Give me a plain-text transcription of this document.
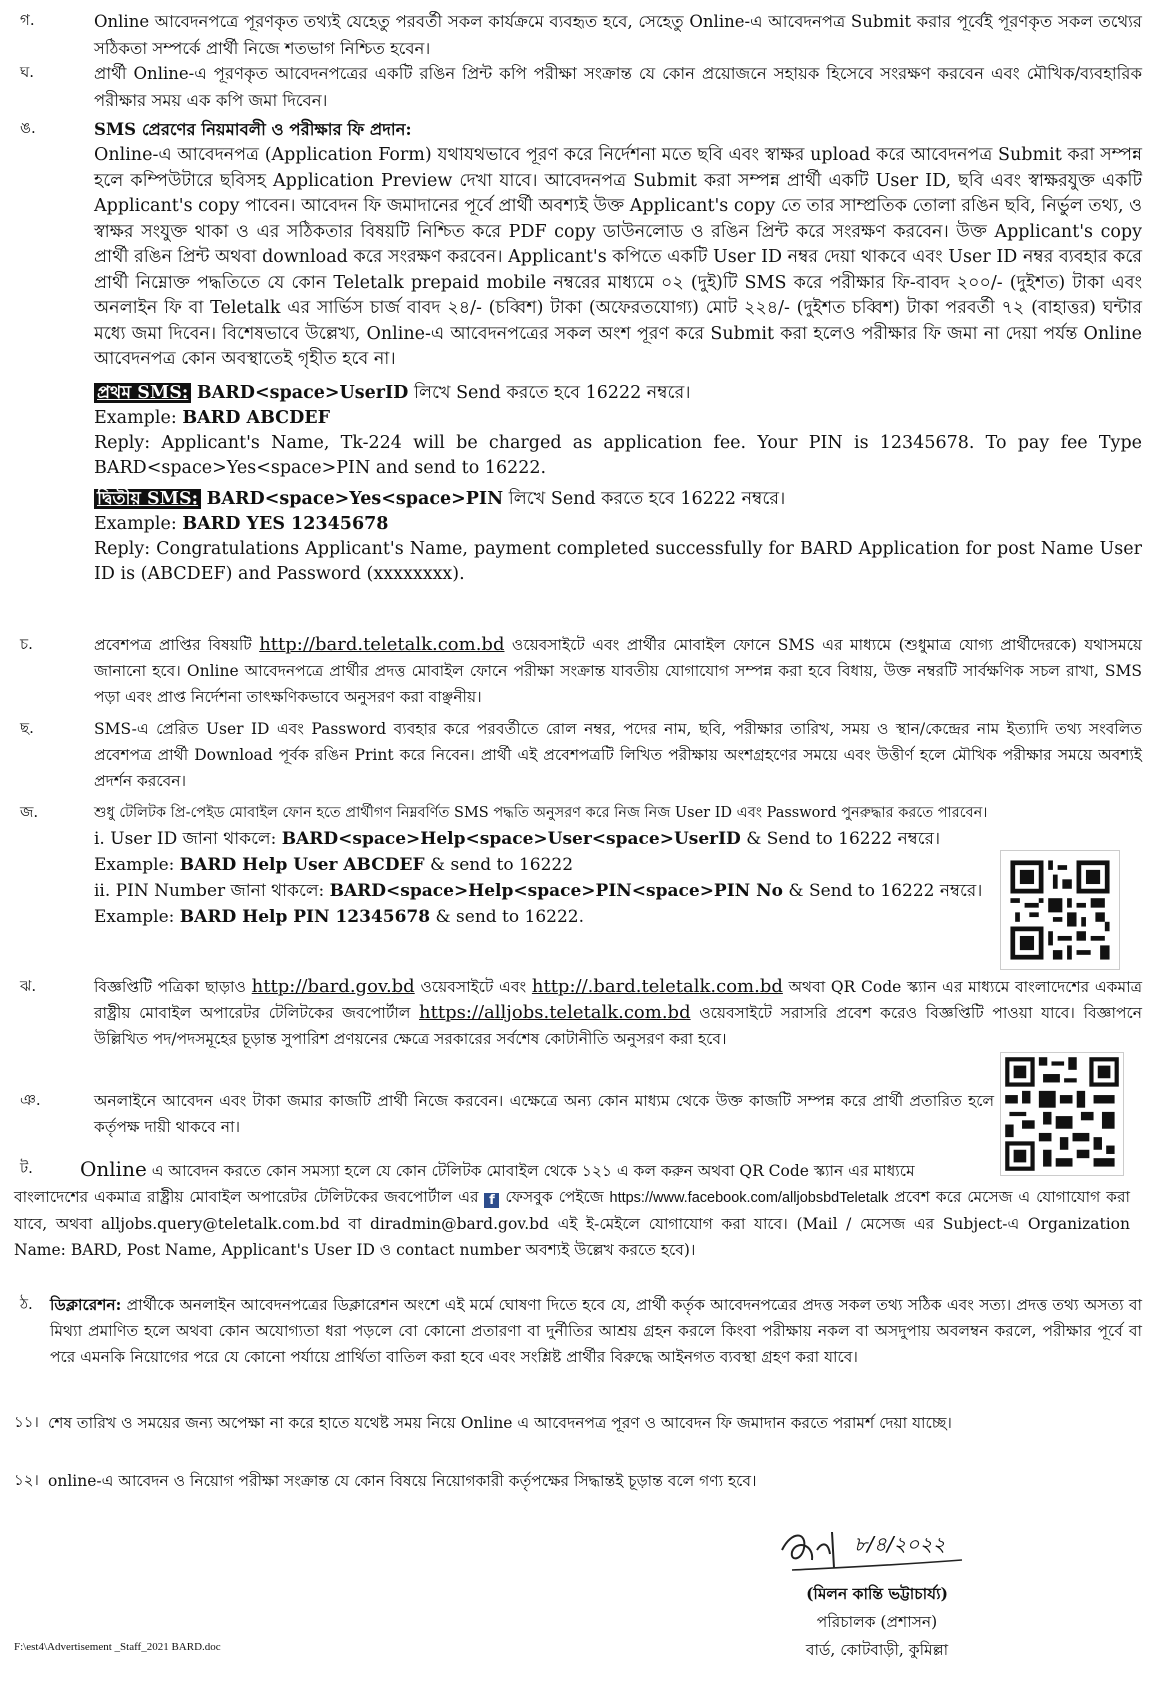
গ.	Online আবেদনপত্রে পূরণকৃত তথ্যই যেহেতু পরবর্তী সকল কার্যক্রমে ব্যবহৃত হবে, সেহেতু Online-এ আবেদনপত্র Submit করার পূর্বেই পূরণকৃত সকল তথ্যের সঠিকতা সম্পর্কে প্রার্থী নিজে শতভাগ নিশ্চিত হবেন।
ঘ.	প্রার্থী Online-এ পূরণকৃত আবেদনপত্রের একটি রঙিন প্রিন্ট কপি পরীক্ষা সংক্রান্ত যে কোন প্রয়োজনে সহায়ক হিসেবে সংরক্ষণ করবেন এবং মৌখিক/ব্যবহারিক পরীক্ষার সময় এক কপি জমা দিবেন।
ঙ.	SMS প্রেরণের নিয়মাবলী ও পরীক্ষার ফি প্রদান:
Online-এ আবেদনপত্র (Application Form) যথাযথভাবে পূরণ করে নির্দেশনা মতে ছবি এবং স্বাক্ষর upload করে আবেদনপত্র Submit করা সম্পন্ন হলে কম্পিউটারে ছবিসহ Application Preview দেখা যাবে। আবেদনপত্র Submit করা সম্পন্ন প্রার্থী একটি User ID, ছবি এবং স্বাক্ষরযুক্ত একটি Applicant's copy পাবেন। আবেদন ফি জমাদানের পূর্বে প্রার্থী অবশ্যই উক্ত Applicant's copy তে তার সাম্প্রতিক তোলা রঙিন ছবি, নির্ভুল তথ্য, ও স্বাক্ষর সংযুক্ত থাকা ও এর সঠিকতার বিষয়টি নিশ্চিত করে PDF copy ডাউনলোড ও রঙিন প্রিন্ট করে সংরক্ষণ করবেন। উক্ত Applicant's copy প্রার্থী রঙিন প্রিন্ট অথবা download করে সংরক্ষণ করবেন। Applicant's কপিতে একটি User ID নম্বর দেয়া থাকবে এবং User ID নম্বর ব্যবহার করে প্রার্থী নিম্নোক্ত পদ্ধতিতে যে কোন Teletalk prepaid mobile নম্বরের মাধ্যমে ০২ (দুই)টি SMS করে পরীক্ষার ফি-বাবদ ২০০/- (দুইশত) টাকা এবং অনলাইন ফি বা Teletalk এর সার্ভিস চার্জ বাবদ ২৪/- (চব্বিশ) টাকা (অফেরতযোগ্য) মোট ২২৪/- (দুইশত চব্বিশ) টাকা পরবর্তী ৭২ (বাহাত্তর) ঘন্টার মধ্যে জমা দিবেন। বিশেষভাবে উল্লেখ্য, Online-এ আবেদনপত্রের সকল অংশ পূরণ করে Submit করা হলেও পরীক্ষার ফি জমা না দেয়া পর্যন্ত Online আবেদনপত্র কোন অবস্থাতেই গৃহীত হবে না।
প্রথম SMS: BARD<space>UserID লিখে Send করতে হবে 16222 নম্বরে।
Example: BARD ABCDEF
Reply: Applicant's Name, Tk-224 will be charged as application fee. Your PIN is 12345678. To pay fee Type BARD<space>Yes<space>PIN and send to 16222.
দ্বিতীয় SMS: BARD<space>Yes<space>PIN লিখে Send করতে হবে 16222 নম্বরে।
Example: BARD YES 12345678
Reply: Congratulations Applicant's Name, payment completed successfully for BARD Application for post Name User ID is (ABCDEF) and Password (xxxxxxxx).
চ.	প্রবেশপত্র প্রাপ্তির বিষয়টি http://bard.teletalk.com.bd ওয়েবসাইটে এবং প্রার্থীর মোবাইল ফোনে SMS এর মাধ্যমে (শুধুমাত্র যোগ্য প্রার্থীদেরকে) যথাসময়ে জানানো হবে। Online আবেদনপত্রে প্রার্থীর প্রদত্ত মোবাইল ফোনে পরীক্ষা সংক্রান্ত যাবতীয় যোগাযোগ সম্পন্ন করা হবে বিধায়, উক্ত নম্বরটি সার্বক্ষণিক সচল রাখা, SMS পড়া এবং প্রাপ্ত নির্দেশনা তাৎক্ষণিকভাবে অনুসরণ করা বাঞ্ছনীয়।
ছ.	SMS-এ প্রেরিত User ID এবং Password ব্যবহার করে পরবর্তীতে রোল নম্বর, পদের নাম, ছবি, পরীক্ষার তারিখ, সময় ও স্থান/কেন্দ্রের নাম ইত্যাদি তথ্য সংবলিত প্রবেশপত্র প্রার্থী Download পূর্বক রঙিন Print করে নিবেন। প্রার্থী এই প্রবেশপত্রটি লিখিত পরীক্ষায় অংশগ্রহণের সময়ে এবং উত্তীর্ণ হলে মৌখিক পরীক্ষার সময়ে অবশ্যই প্রদর্শন করবেন।
জ.	শুধু টেলিটক প্রি-পেইড মোবাইল ফোন হতে প্রার্থীগণ নিম্নবর্ণিত SMS পদ্ধতি অনুসরণ করে নিজ নিজ User ID এবং Password পুনরুদ্ধার করতে পারবেন।
i. User ID জানা থাকলে: BARD<space>Help<space>User<space>UserID & Send to 16222 নম্বরে।
Example: BARD Help User ABCDEF & send to 16222
ii. PIN Number জানা থাকলে: BARD<space>Help<space>PIN<space>PIN No & Send to 16222 নম্বরে।
Example: BARD Help PIN 12345678 & send to 16222.
ঝ.	বিজ্ঞপ্তিটি পত্রিকা ছাড়াও http://bard.gov.bd ওয়েবসাইটে এবং http://.bard.teletalk.com.bd অথবা QR Code স্ক্যান এর মাধ্যমে বাংলাদেশের একমাত্র রাষ্ট্রীয় মোবাইল অপারেটর টেলিটকের জবপোর্টাল https://alljobs.teletalk.com.bd ওয়েবসাইটে সরাসরি প্রবেশ করেও বিজ্ঞপ্তিটি পাওয়া যাবে। বিজ্ঞাপনে উল্লিখিত পদ/পদসমূহের চূড়ান্ত সুপারিশ প্রণয়নের ক্ষেত্রে সরকারের সর্বশেষ কোটানীতি অনুসরণ করা হবে।
ঞ.	অনলাইনে আবেদন এবং টাকা জমার কাজটি প্রার্থী নিজে করবেন। এক্ষেত্রে অন্য কোন মাধ্যম থেকে উক্ত কাজটি সম্পন্ন করে প্রার্থী প্রতারিত হলে কর্তৃপক্ষ দায়ী থাকবে না।
ট.	Online এ আবেদন করতে কোন সমস্যা হলে যে কোন টেলিটক মোবাইল থেকে ১২১ এ কল করুন অথবা QR Code স্ক্যান এর মাধ্যমে
বাংলাদেশের একমাত্র রাষ্ট্রীয় মোবাইল অপারেটর টেলিটকের জবপোর্টাল এর f ফেসবুক পেইজে https://www.facebook.com/alljobsbdTeletalk প্রবেশ করে মেসেজ এ যোগাযোগ করা যাবে, অথবা alljobs.query@teletalk.com.bd বা diradmin@bard.gov.bd এই ই-মেইলে যোগাযোগ করা যাবে। (Mail / মেসেজ এর Subject-এ Organization Name: BARD, Post Name, Applicant's User ID ও contact number অবশ্যই উল্লেখ করতে হবে)।
ঠ.	ডিক্লারেশন: প্রার্থীকে অনলাইন আবেদনপত্রের ডিক্লারেশন অংশে এই মর্মে ঘোষণা দিতে হবে যে, প্রার্থী কর্তৃক আবেদনপত্রের প্রদত্ত সকল তথ্য সঠিক এবং সত্য। প্রদত্ত তথ্য অসত্য বা মিথ্যা প্রমাণিত হলে অথবা কোন অযোগ্যতা ধরা পড়লে বো কোনো প্রতারণা বা দুর্নীতির আশ্রয় গ্রহন করলে কিংবা পরীক্ষায় নকল বা অসদুপায় অবলম্বন করলে, পরীক্ষার পূর্বে বা পরে এমনকি নিয়োগের পরে যে কোনো পর্যায়ে প্রার্থিতা বাতিল করা হবে এবং সংশ্লিষ্ট প্রার্থীর বিরুদ্ধে আইনগত ব্যবস্থা গ্রহণ করা যাবে।
১১। শেষ তারিখ ও সময়ের জন্য অপেক্ষা না করে হাতে যথেষ্ট সময় নিয়ে Online এ আবেদনপত্র পূরণ ও আবেদন ফি জমাদান করতে পরামর্শ দেয়া যাচ্ছে।
১২। online-এ আবেদন ও নিয়োগ পরীক্ষা সংক্রান্ত যে কোন বিষয়ে নিয়োগকারী কর্তৃপক্ষের সিদ্ধান্তই চূড়ান্ত বলে গণ্য হবে।
৮/৪/২০২২
(মিলন কান্তি ভট্টাচার্য্য)
পরিচালক (প্রশাসন)
বার্ড, কোটবাড়ী, কুমিল্লা
F:\est4\Advertisement _Staff_2021 BARD.doc
